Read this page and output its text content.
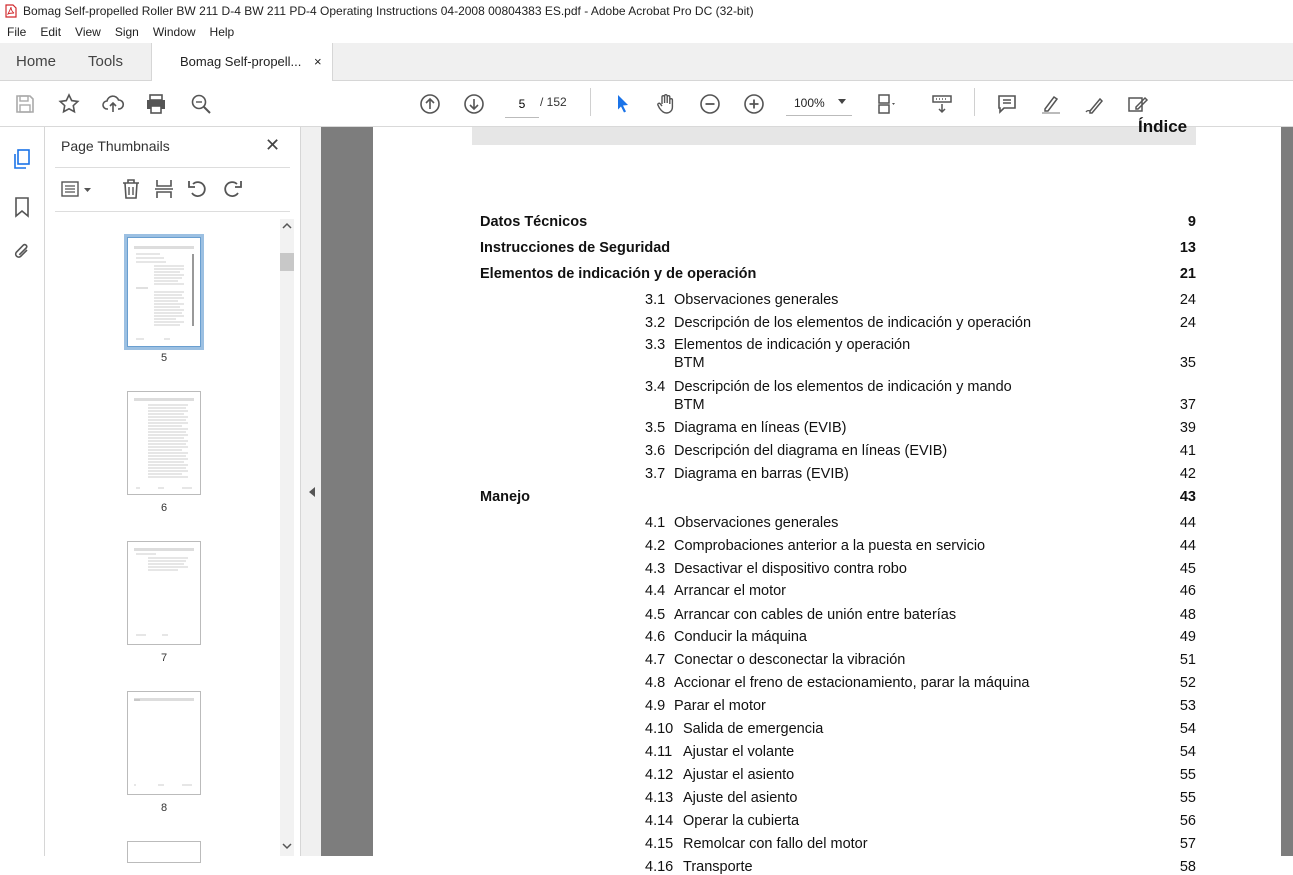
Bomag Self-propelled Roller BW 211 D-4 BW 211 PD-4 Operating Instructions 04-2008 00804383 ES.pdf - Adobe Acrobat Pro DC (32-bit)
File	Edit	View	Sign	Window	Help
Home Tools	Bomag Self-propell... ×
5
/ 152	100%
Page Thumbnails	✕
5
6
7
8
Índice
Datos Técnicos	9
Instrucciones de Seguridad	13
Elementos de indicación y de operación	21
3.1 Observaciones generales	24
3.2 Descripción de los elementos de indicación y operación	24
3.3 Elementos de indicación y operación
BTM	35
3.4 Descripción de los elementos de indicación y mando
BTM	37
3.5 Diagrama en líneas (EVIB)	39
3.6 Descripción del diagrama en líneas (EVIB)	41
3.7 Diagrama en barras (EVIB)	42
Manejo	43
4.1 Observaciones generales	44
4.2 Comprobaciones anterior a la puesta en servicio	44
4.3 Desactivar el dispositivo contra robo	45
4.4 Arrancar el motor	46
4.5 Arrancar con cables de unión entre baterías	48
4.6 Conducir la máquina	49
4.7 Conectar o desconectar la vibración	51
4.8 Accionar el freno de estacionamiento, parar la máquina	52
4.9 Parar el motor	53
4.10 Salida de emergencia	54
4.11 Ajustar el volante	54
4.12 Ajustar el asiento	55
4.13 Ajuste del asiento	55
4.14 Operar la cubierta	56
4.15 Remolcar con fallo del motor	57
4.16 Transporte	58
